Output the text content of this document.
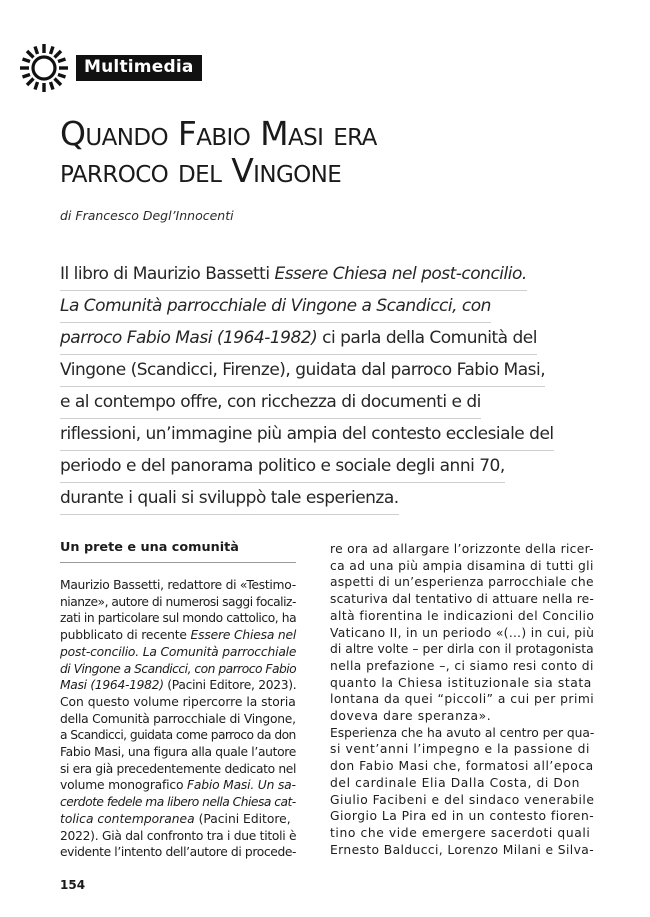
Multimedia
Quando Fabio Masi era
parroco del Vingone
di Francesco Degl’Innocenti
Il libro di Maurizio Bassetti Essere Chiesa nel post-concilio.
La Comunità parrocchiale di Vingone a Scandicci, con
parroco Fabio Masi (1964-1982) ci parla della Comunità del
Vingone (Scandicci, Firenze), guidata dal parroco Fabio Masi,
e al contempo offre, con ricchezza di documenti e di
riflessioni, un’immagine più ampia del contesto ecclesiale del
periodo e del panorama politico e sociale degli anni 70,
durante i quali si sviluppò tale esperienza.
Un prete e una comunità
Maurizio Bassetti, redattore di «Testimo-
nianze», autore di numerosi saggi focaliz-
zati in particolare sul mondo cattolico, ha
pubblicato di recente Essere Chiesa nel
post-concilio. La Comunità parrocchiale
di Vingone a Scandicci, con parroco Fabio
Masi (1964-1982) (Pacini Editore, 2023).
Con questo volume ripercorre la storia
della Comunità parrocchiale di Vingone,
a Scandicci, guidata come parroco da don
Fabio Masi, una figura alla quale l’autore
si era già precedentemente dedicato nel
volume monografico Fabio Masi. Un sa-
cerdote fedele ma libero nella Chiesa cat-
tolica contemporanea (Pacini Editore,
2022). Già dal confronto tra i due titoli è
evidente l’intento dell’autore di procede-
re ora ad allargare l’orizzonte della ricer-
ca ad una più ampia disamina di tutti gli
aspetti di un’esperienza parrocchiale che
scaturiva dal tentativo di attuare nella re-
altà fiorentina le indicazioni del Concilio
Vaticano II, in un periodo «(…) in cui, più
di altre volte – per dirla con il protagonista
nella prefazione –, ci siamo resi conto di
quanto la Chiesa istituzionale sia stata
lontana da quei “piccoli” a cui per primi
doveva dare speranza».
Esperienza che ha avuto al centro per qua-
si vent’anni l’impegno e la passione di
don Fabio Masi che, formatosi all’epoca
del cardinale Elia Dalla Costa, di Don
Giulio Facibeni e del sindaco venerabile
Giorgio La Pira ed in un contesto fioren-
tino che vide emergere sacerdoti quali
Ernesto Balducci, Lorenzo Milani e Silva-
154
